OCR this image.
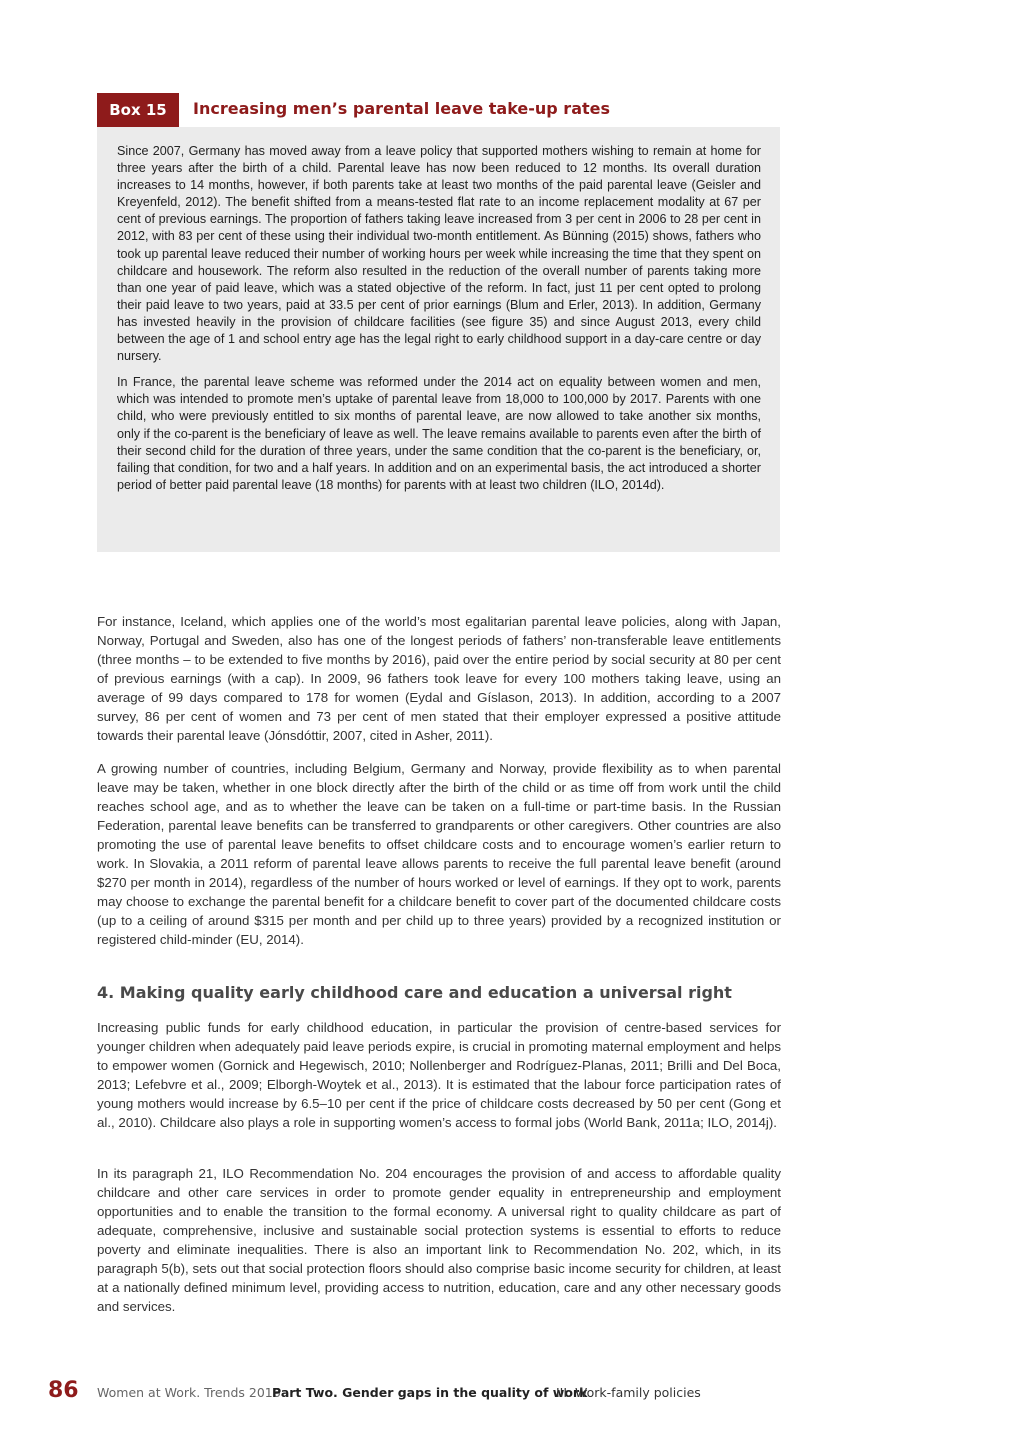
Box 15	Increasing men’s parental leave take-up rates

Since 2007, Germany has moved away from a leave policy that supported mothers wishing to remain at home for three years after the birth of a child. Parental leave has now been reduced to 12 months. Its overall duration increases to 14 months, however, if both parents take at least two months of the paid parental leave (Geisler and Kreyenfeld, 2012). The benefit shifted from a means-tested flat rate to an income replacement modality at 67 per cent of previous earnings. The proportion of fathers taking leave increased from 3 per cent in 2006 to 28 per cent in 2012, with 83 per cent of these using their individual two-month entitlement. As Bünning (2015) shows, fathers who took up parental leave reduced their number of working hours per week while increasing the time that they spent on childcare and housework. The reform also resulted in the reduction of the overall number of parents taking more than one year of paid leave, which was a stated objective of the reform. In fact, just 11 per cent opted to prolong their paid leave to two years, paid at 33.5 per cent of prior earnings (Blum and Erler, 2013). In addition, Germany has invested heavily in the provision of childcare facilities (see figure 35) and since August 2013, every child between the age of 1 and school entry age has the legal right to early childhood support in a day-care centre or day nursery.

In France, the parental leave scheme was reformed under the 2014 act on equality between women and men, which was intended to promote men’s uptake of parental leave from 18,000 to 100,000 by 2017. Parents with one child, who were previously entitled to six months of parental leave, are now allowed to take another six months, only if the co-parent is the beneficiary of leave as well. The leave remains available to parents even after the birth of their second child for the duration of three years, under the same condition that the co-parent is the beneficiary, or, failing that condition, for two and a half years. In addition and on an experimental basis, the act introduced a shorter period of better paid parental leave (18 months) for parents with at least two children (ILO, 2014d).

For instance, Iceland, which applies one of the world’s most egalitarian parental leave policies, along with Japan, Norway, Portugal and Sweden, also has one of the longest periods of fathers’ non-transferable leave entitlements (three months – to be extended to five months by 2016), paid over the entire period by social security at 80 per cent of previous earnings (with a cap). In 2009, 96 fathers took leave for every 100 mothers taking leave, using an average of 99 days compared to 178 for women (Eydal and Gíslason, 2013). In addition, according to a 2007 survey, 86 per cent of women and 73 per cent of men stated that their employer expressed a positive attitude towards their parental leave (Jónsdóttir, 2007, cited in Asher, 2011).

A growing number of countries, including Belgium, Germany and Norway, provide flexibility as to when parental leave may be taken, whether in one block directly after the birth of the child or as time off from work until the child reaches school age, and as to whether the leave can be taken on a full-time or part-time basis. In the Russian Federation, parental leave benefits can be transferred to grandparents or other caregivers. Other countries are also promoting the use of parental leave benefits to offset childcare costs and to encourage women’s earlier return to work. In Slovakia, a 2011 reform of parental leave allows parents to receive the full parental leave benefit (around $270 per month in 2014), regardless of the number of hours worked or level of earnings. If they opt to work, parents may choose to exchange the parental benefit for a childcare benefit to cover part of the documented childcare costs (up to a ceiling of around $315 per month and per child up to three years) provided by a recognized institution or registered child-minder (EU, 2014).

4. Making quality early childhood care and education a universal right

Increasing public funds for early childhood education, in particular the provision of centre-based services for younger children when adequately paid leave periods expire, is crucial in promoting maternal employment and helps to empower women (Gornick and Hegewisch, 2010; Nollenberger and Rodríguez-Planas, 2011; Brilli and Del Boca, 2013; Lefebvre et al., 2009; Elborgh-Woytek et al., 2013). It is estimated that the labour force participation rates of young mothers would increase by 6.5–10 per cent if the price of childcare costs decreased by 50 per cent (Gong et al., 2010). Childcare also plays a role in supporting women’s access to formal jobs (World Bank, 2011a; ILO, 2014j).

In its paragraph 21, ILO Recommendation No. 204 encourages the provision of and access to affordable quality childcare and other care services in order to promote gender equality in entrepreneurship and employment opportunities and to enable the transition to the formal economy. A universal right to quality childcare as part of adequate, comprehensive, inclusive and sustainable social protection systems is essential to efforts to reduce poverty and eliminate inequalities. There is also an important link to Recommendation No. 202, which, in its paragraph 5(b), sets out that social protection floors should also comprise basic income security for children, at least at a nationally defined minimum level, providing access to nutrition, education, care and any other necessary goods and services.

86 Women at Work. Trends 2016
Part Two. Gender gaps in the quality of work
III. Work-family policies
